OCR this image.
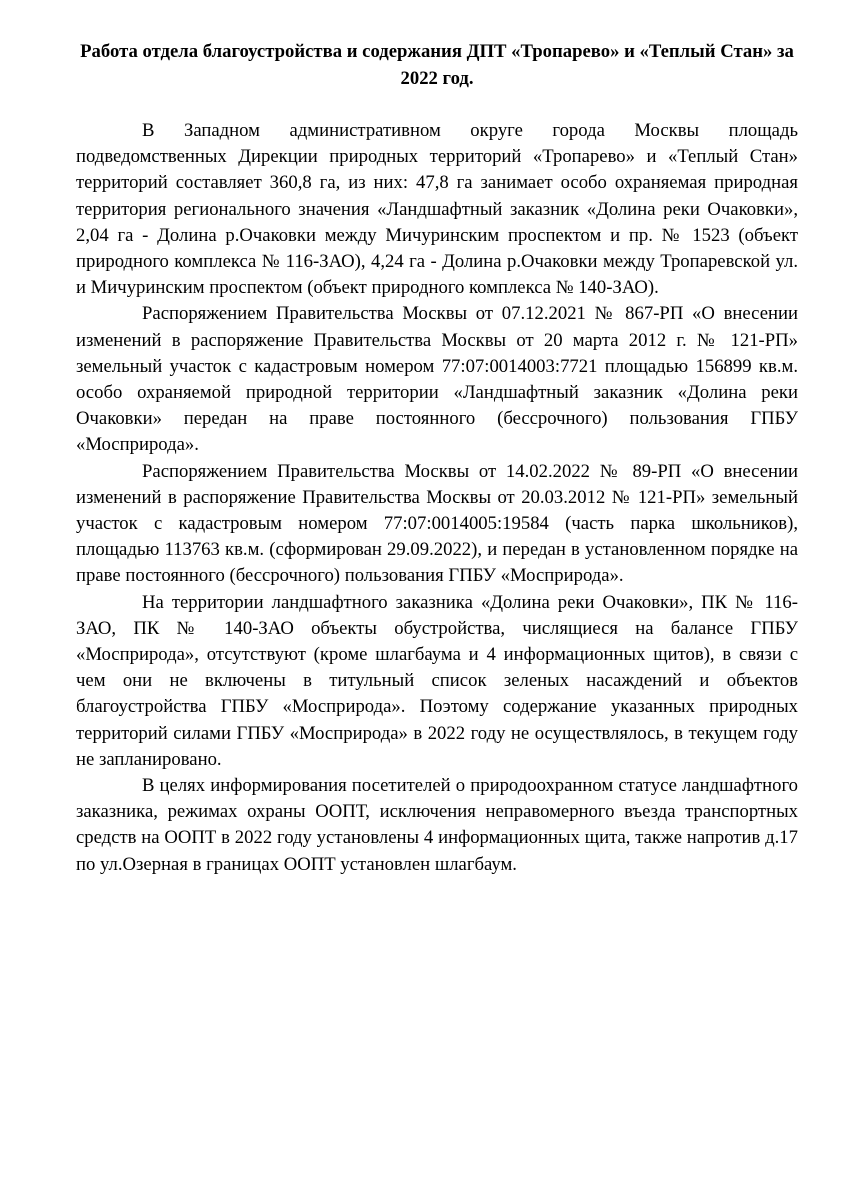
Работа отдела благоустройства и содержания ДПТ «Тропарево» и «Теплый Стан» за 2022 год.

В Западном административном округе города Москвы площадь подведомственных Дирекции природных территорий «Тропарево» и «Теплый Стан» территорий составляет 360,8 га, из них: 47,8 га занимает особо охраняемая природная территория регионального значения «Ландшафтный заказник «Долина реки Очаковки», 2,04 га - Долина р.Очаковки между Мичуринским проспектом и пр. № 1523 (объект природного комплекса № 116-ЗАО), 4,24 га - Долина р.Очаковки между Тропаревской ул. и Мичуринским проспектом (объект природного комплекса № 140-ЗАО).

Распоряжением Правительства Москвы от 07.12.2021 № 867-РП «О внесении изменений в распоряжение Правительства Москвы от 20 марта 2012 г. № 121-РП» земельный участок с кадастровым номером 77:07:0014003:7721 площадью 156899 кв.м. особо охраняемой природной территории «Ландшафтный заказник «Долина реки Очаковки» передан на праве постоянного (бессрочного) пользования ГПБУ «Мосприрода».

Распоряжением Правительства Москвы от 14.02.2022 № 89-РП «О внесении изменений в распоряжение Правительства Москвы от 20.03.2012 № 121-РП» земельный участок с кадастровым номером 77:07:0014005:19584 (часть парка школьников), площадью 113763 кв.м. (сформирован 29.09.2022), и передан в установленном порядке на праве постоянного (бессрочного) пользования ГПБУ «Мосприрода».

На территории ландшафтного заказника «Долина реки Очаковки», ПК № 116-ЗАО, ПК № 140-ЗАО объекты обустройства, числящиеся на балансе ГПБУ «Мосприрода», отсутствуют (кроме шлагбаума и 4 информационных щитов), в связи с чем они не включены в титульный список зеленых насаждений и объектов благоустройства ГПБУ «Мосприрода». Поэтому содержание указанных природных территорий силами ГПБУ «Мосприрода» в 2022 году не осуществлялось, в текущем году не запланировано.

В целях информирования посетителей о природоохранном статусе ландшафтного заказника, режимах охраны ООПТ, исключения неправомерного въезда транспортных средств на ООПТ в 2022 году установлены 4 информационных щита, также напротив д.17 по ул.Озерная в границах ООПТ установлен шлагбаум.
